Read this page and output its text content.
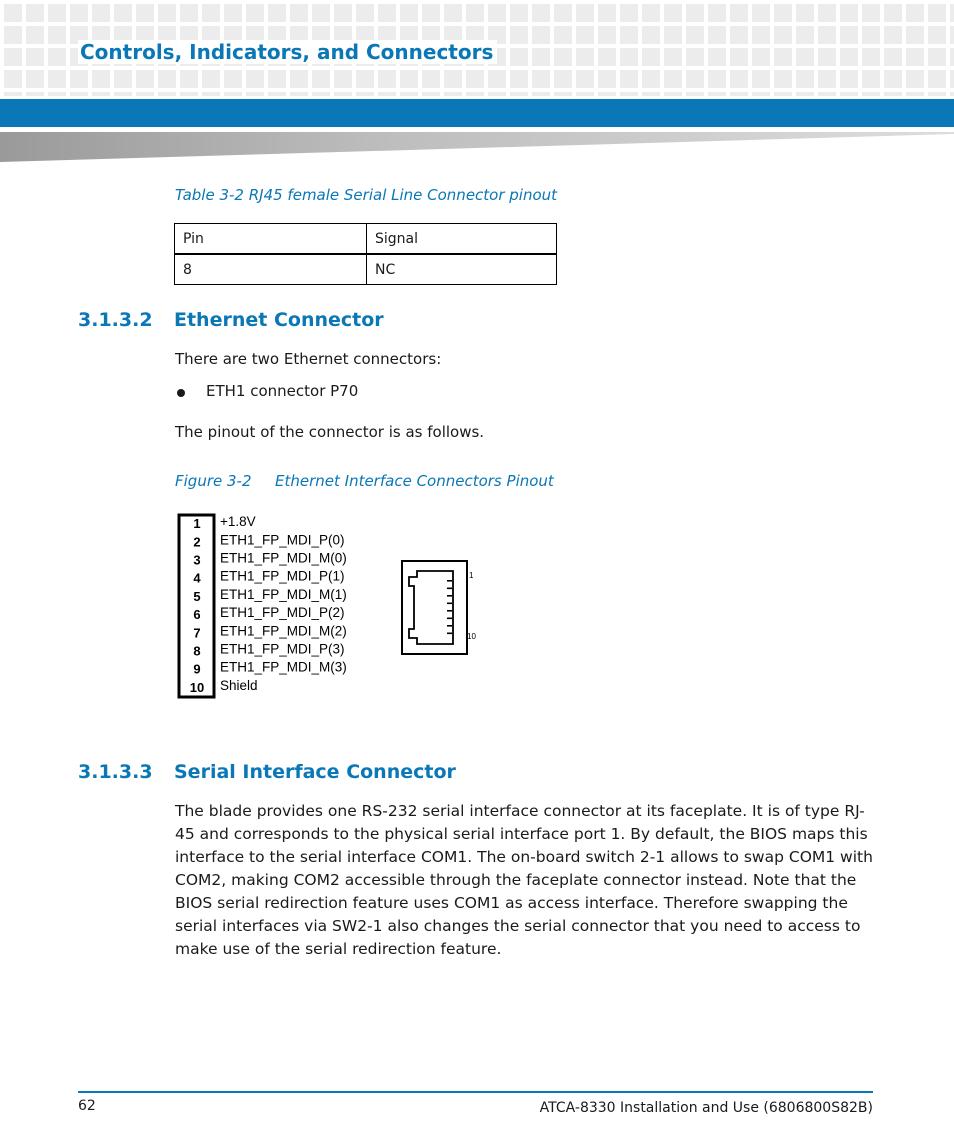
Controls, Indicators, and Connectors
Table 3-2 RJ45 female Serial Line Connector pinout
Pin	Signal
8	NC
3.1.3.2 Ethernet Connector

There are two Ethernet connectors:

ETH1 connector P70

The pinout of the connector is as follows.

Figure 3-2 Ethernet Interface Connectors Pinout
1 +1.8V
2 ETH1_FP_MDI_P(0)
3 ETH1_FP_MDI_M(0)
4 ETH1_FP_MDI_P(1)
5 ETH1_FP_MDI_M(1)
6 ETH1_FP_MDI_P(2)
7 ETH1_FP_MDI_M(2)
8 ETH1_FP_MDI_P(3)
9 ETH1_FP_MDI_M(3)
10 Shield
1
10
3.1.3.3 Serial Interface Connector

The blade provides one RS-232 serial interface connector at its faceplate. It is of type RJ-45 and corresponds to the physical serial interface port 1. By default, the BIOS maps this interface to the serial interface COM1. The on-board switch 2-1 allows to swap COM1 with COM2, making COM2 accessible through the faceplate connector instead. Note that the BIOS serial redirection feature uses COM1 as access interface. Therefore swapping the serial interfaces via SW2-1 also changes the serial connector that you need to access to make use of the serial redirection feature.

62	ATCA-8330 Installation and Use (6806800S82B)
